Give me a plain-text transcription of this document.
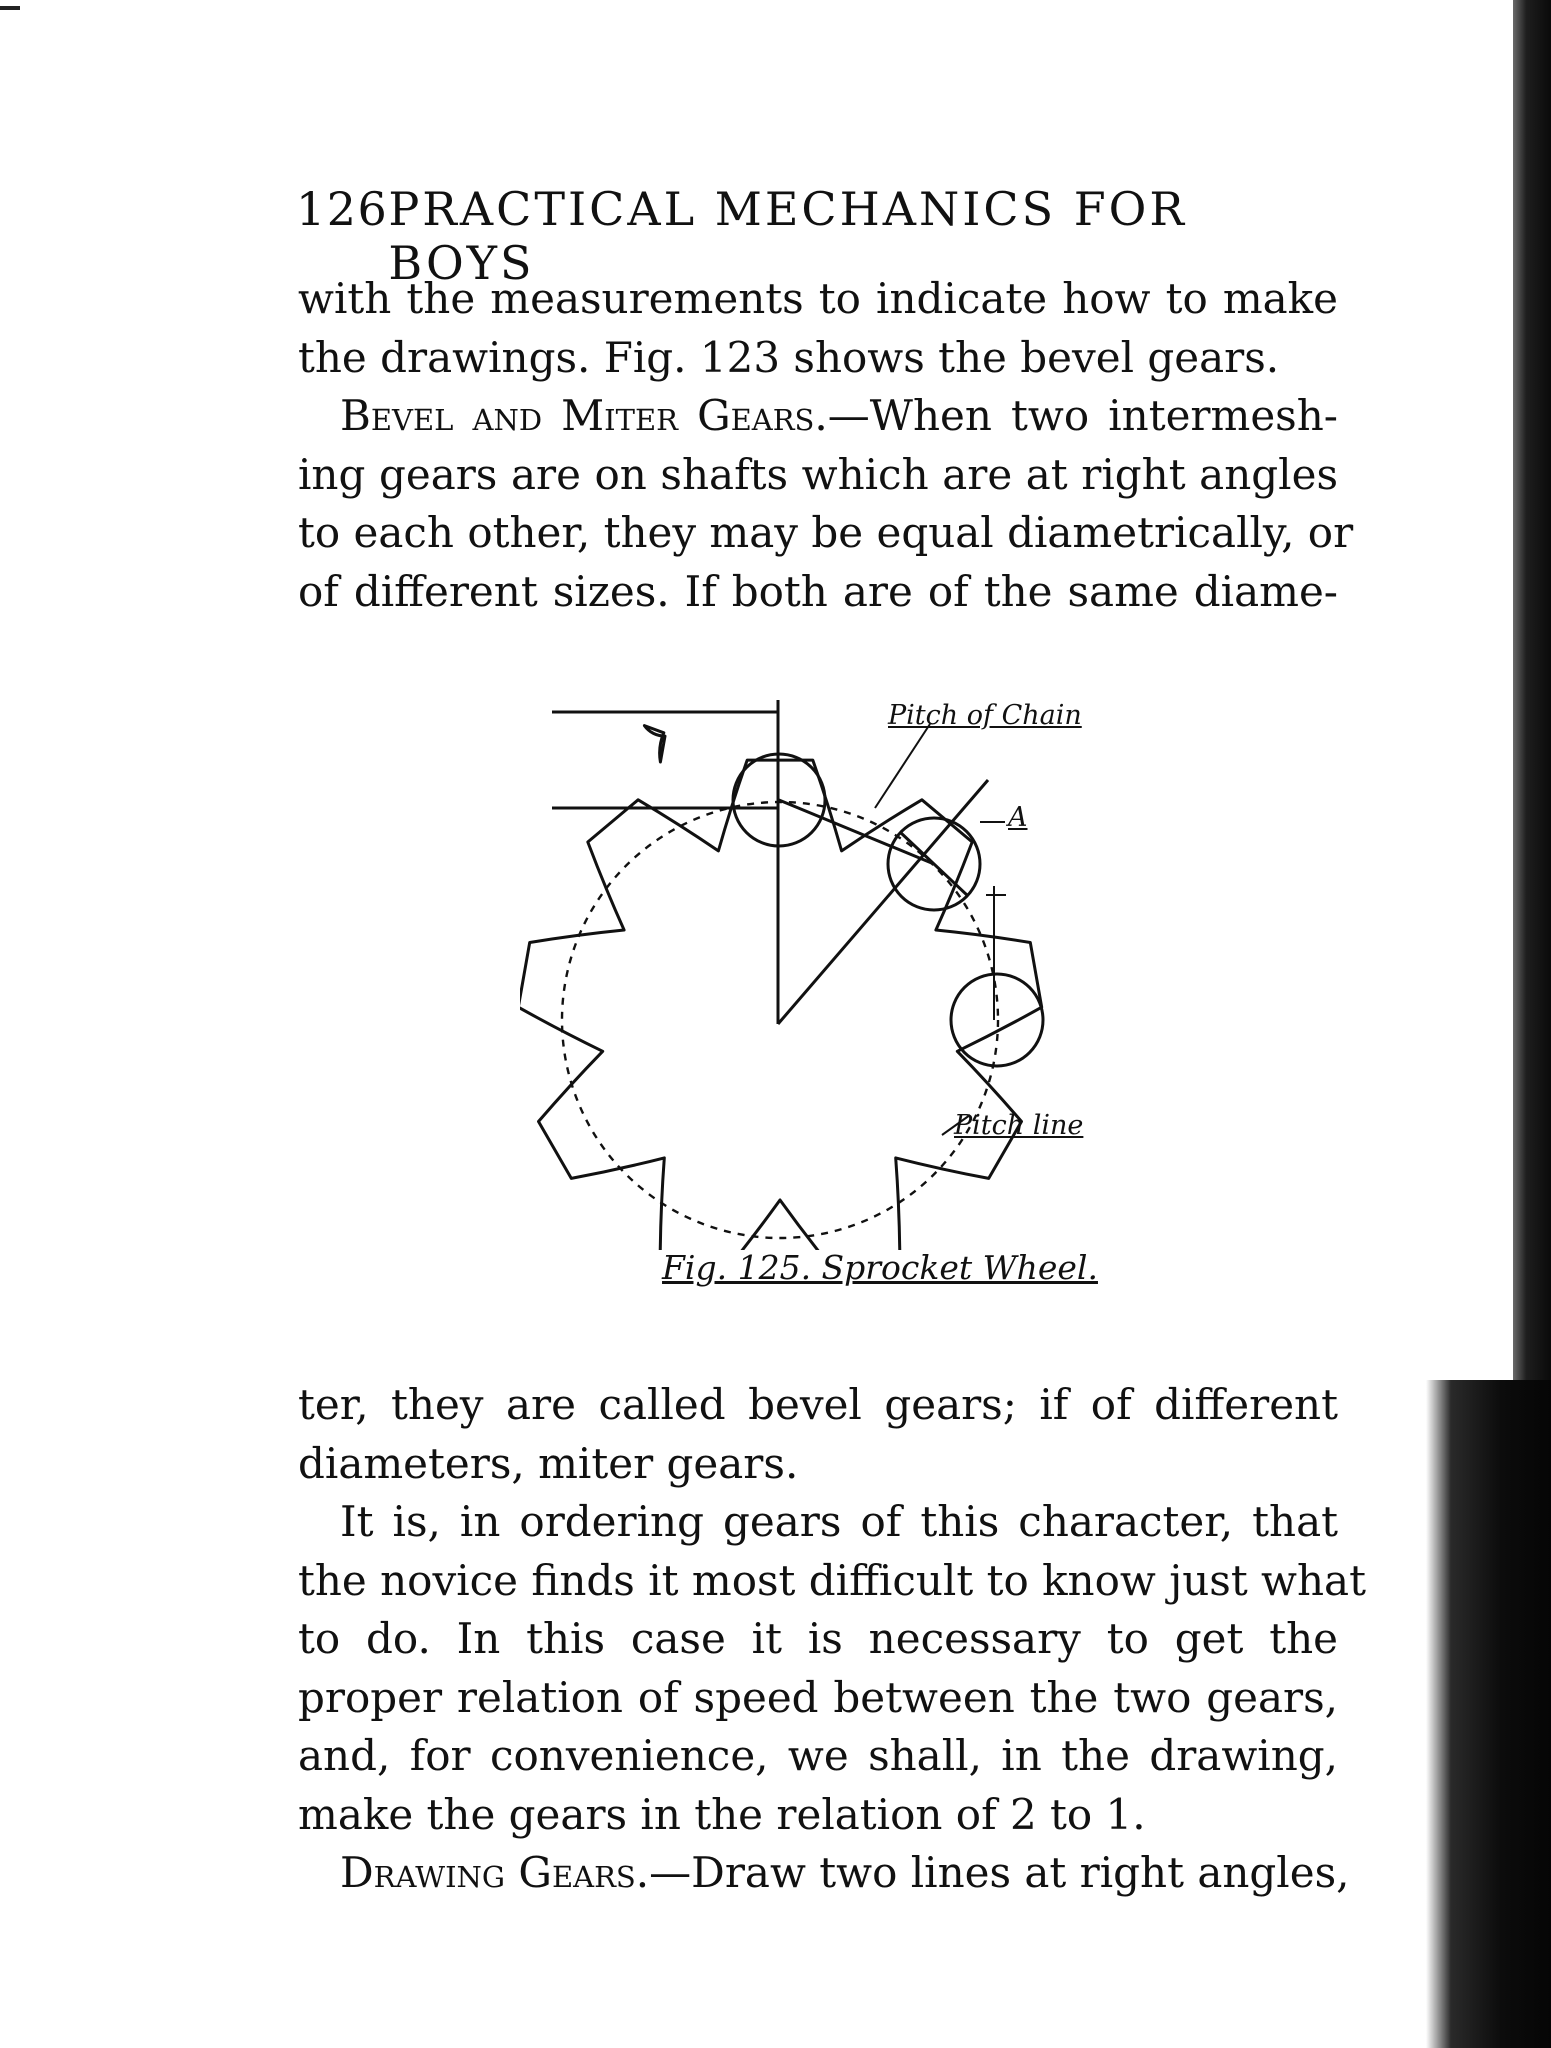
126 PRACTICAL MECHANICS FOR BOYS

with the measurements to indicate how to make
the drawings. Fig. 123 shows the bevel gears.

Bevel and Miter Gears.—When two intermesh-
ing gears are on shafts which are at right angles
to each other, they may be equal diametrically, or
of different sizes. If both are of the same diame-

Pitch of Chain
A
Pitch line
Fig. 125. Sprocket Wheel.

ter, they are called bevel gears; if of different
diameters, miter gears.

It is, in ordering gears of this character, that
the novice finds it most difficult to know just what
to do. In this case it is necessary to get the
proper relation of speed between the two gears,
and, for convenience, we shall, in the drawing,
make the gears in the relation of 2 to 1.

Drawing Gears.—Draw two lines at right angles,
